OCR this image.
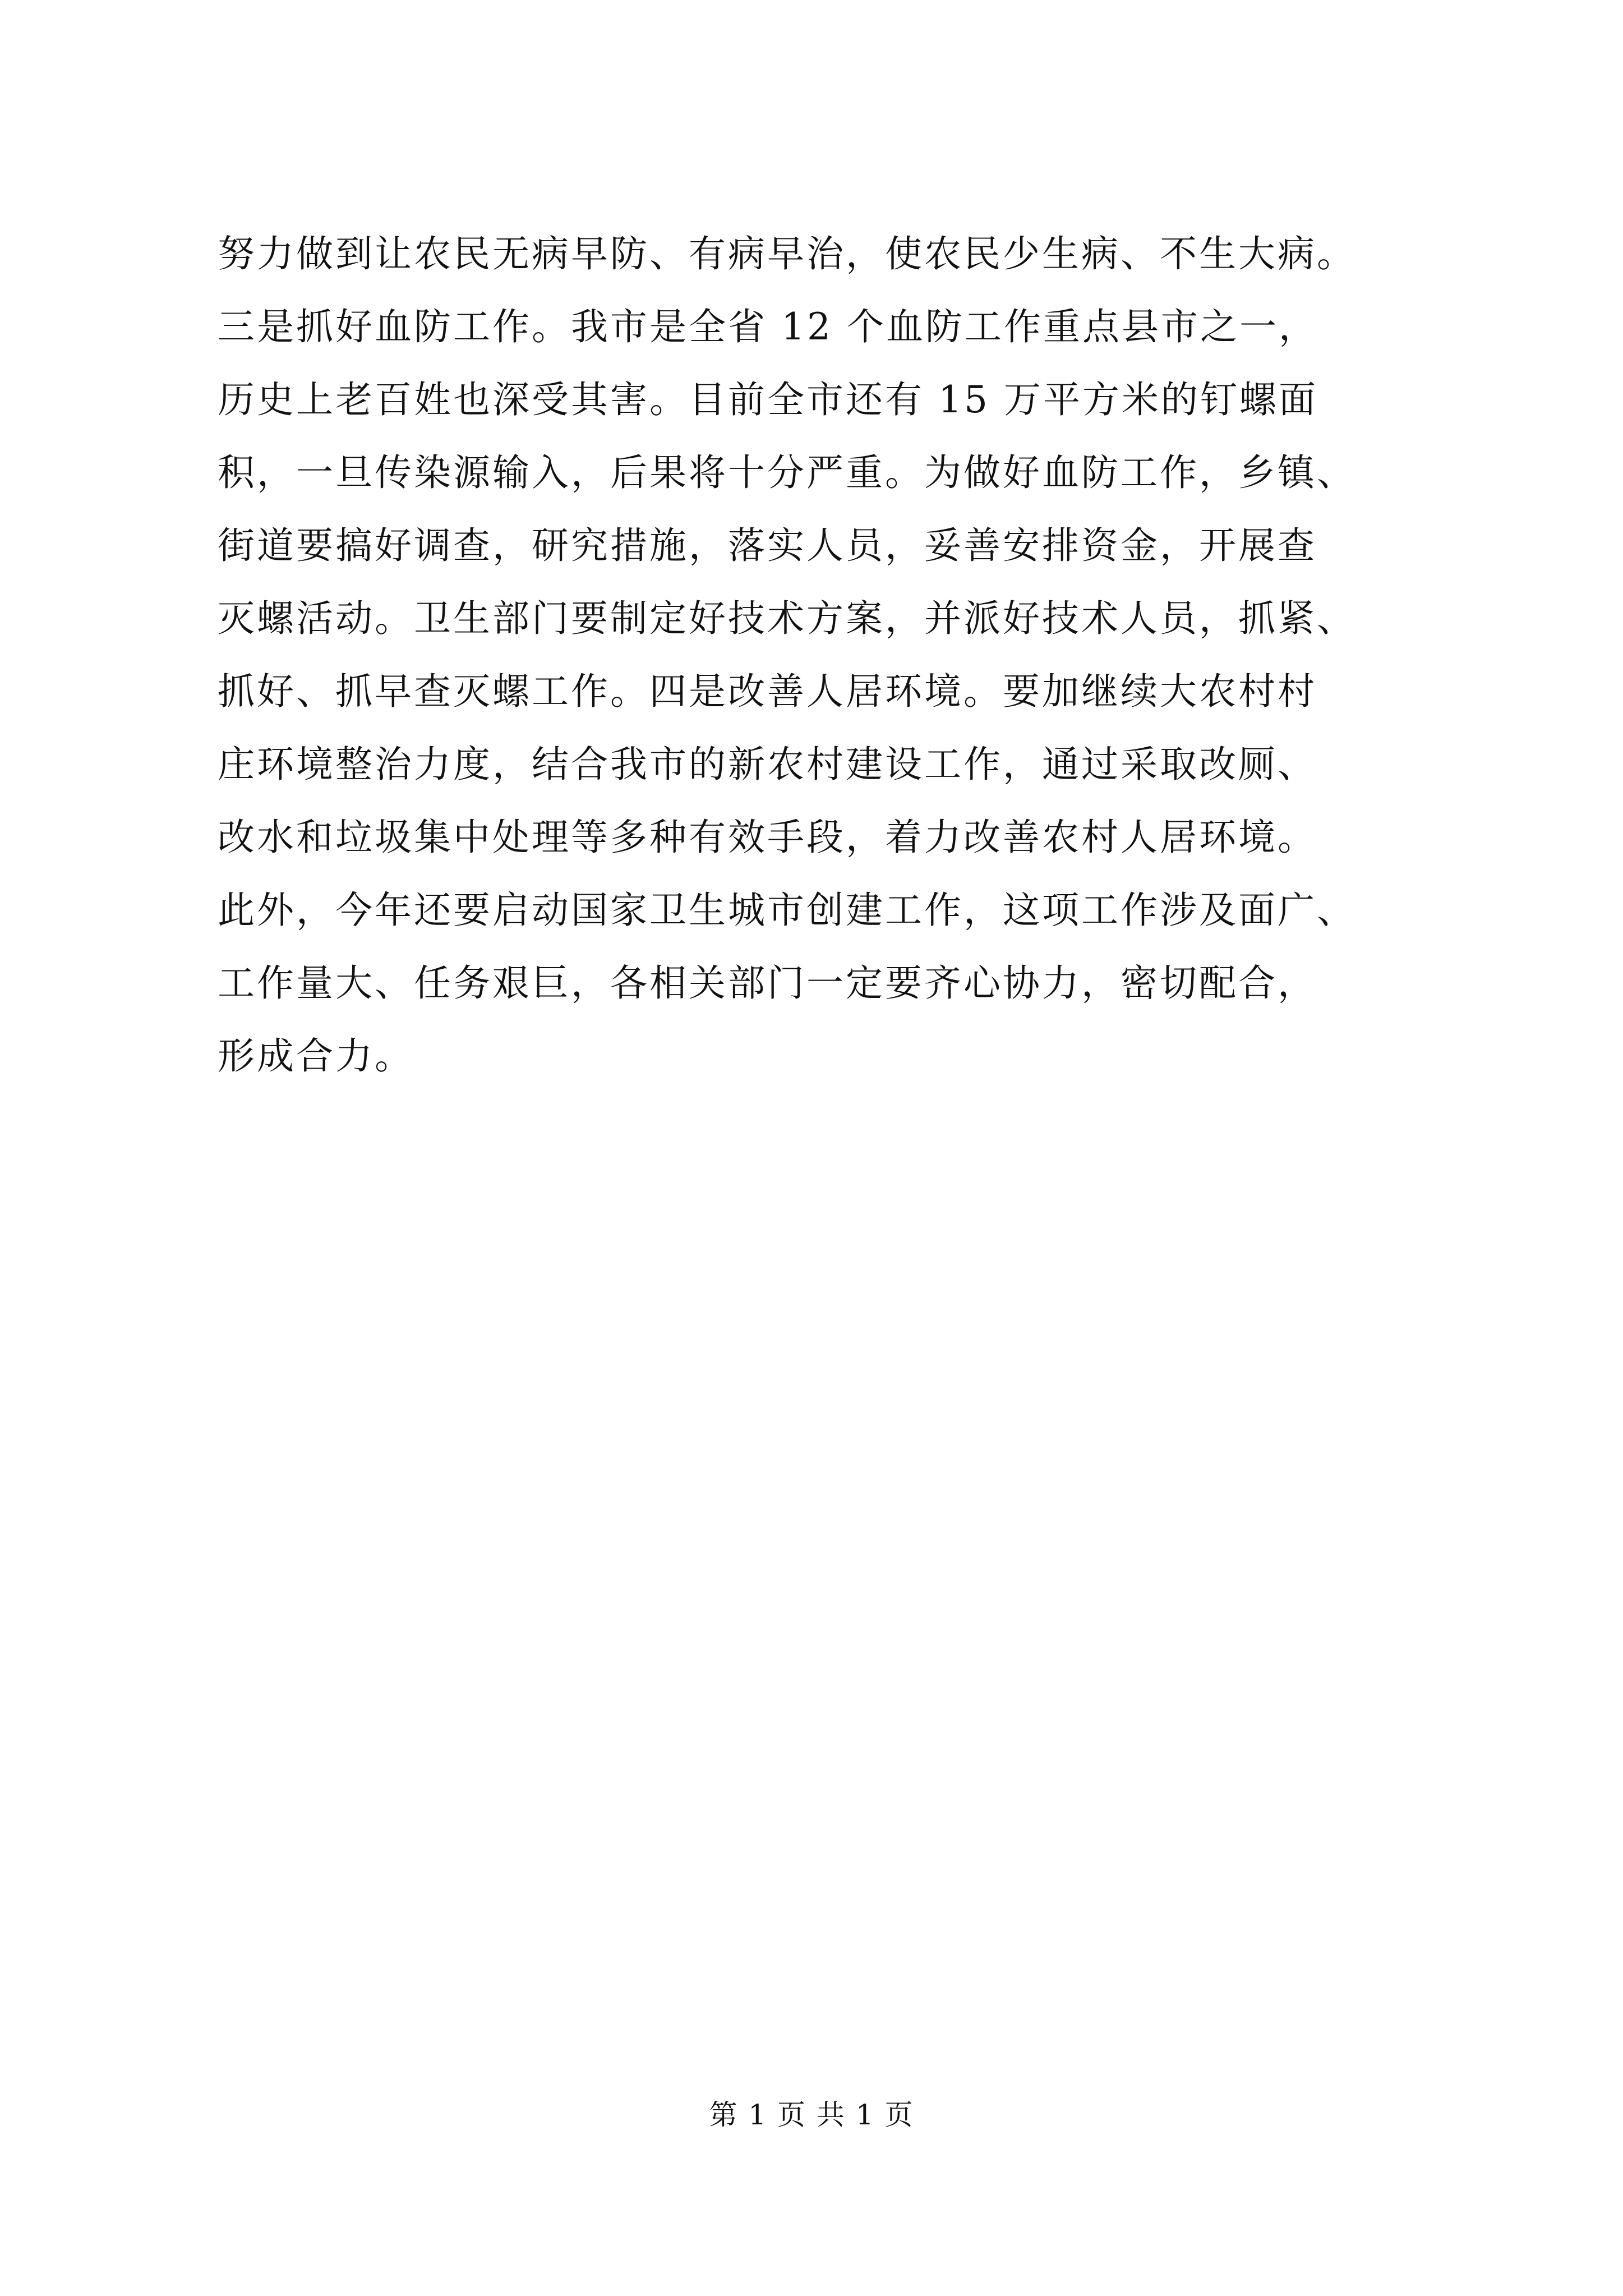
努力做到让农民无病早防、有病早治，使农民少生病、不生大病。
三是抓好血防工作。我市是全省 12 个血防工作重点县市之一，
历史上老百姓也深受其害。目前全市还有 15 万平方米的钉螺面
积，一旦传染源输入，后果将十分严重。为做好血防工作，乡镇、
街道要搞好调查，研究措施，落实人员，妥善安排资金，开展查
灭螺活动。卫生部门要制定好技术方案，并派好技术人员，抓紧、
抓好、抓早查灭螺工作。四是改善人居环境。要加继续大农村村
庄环境整治力度，结合我市的新农村建设工作，通过采取改厕、
改水和垃圾集中处理等多种有效手段，着力改善农村人居环境。
此外，今年还要启动国家卫生城市创建工作，这项工作涉及面广、
工作量大、任务艰巨，各相关部门一定要齐心协力，密切配合，
形成合力。
第 1 页 共 1 页
